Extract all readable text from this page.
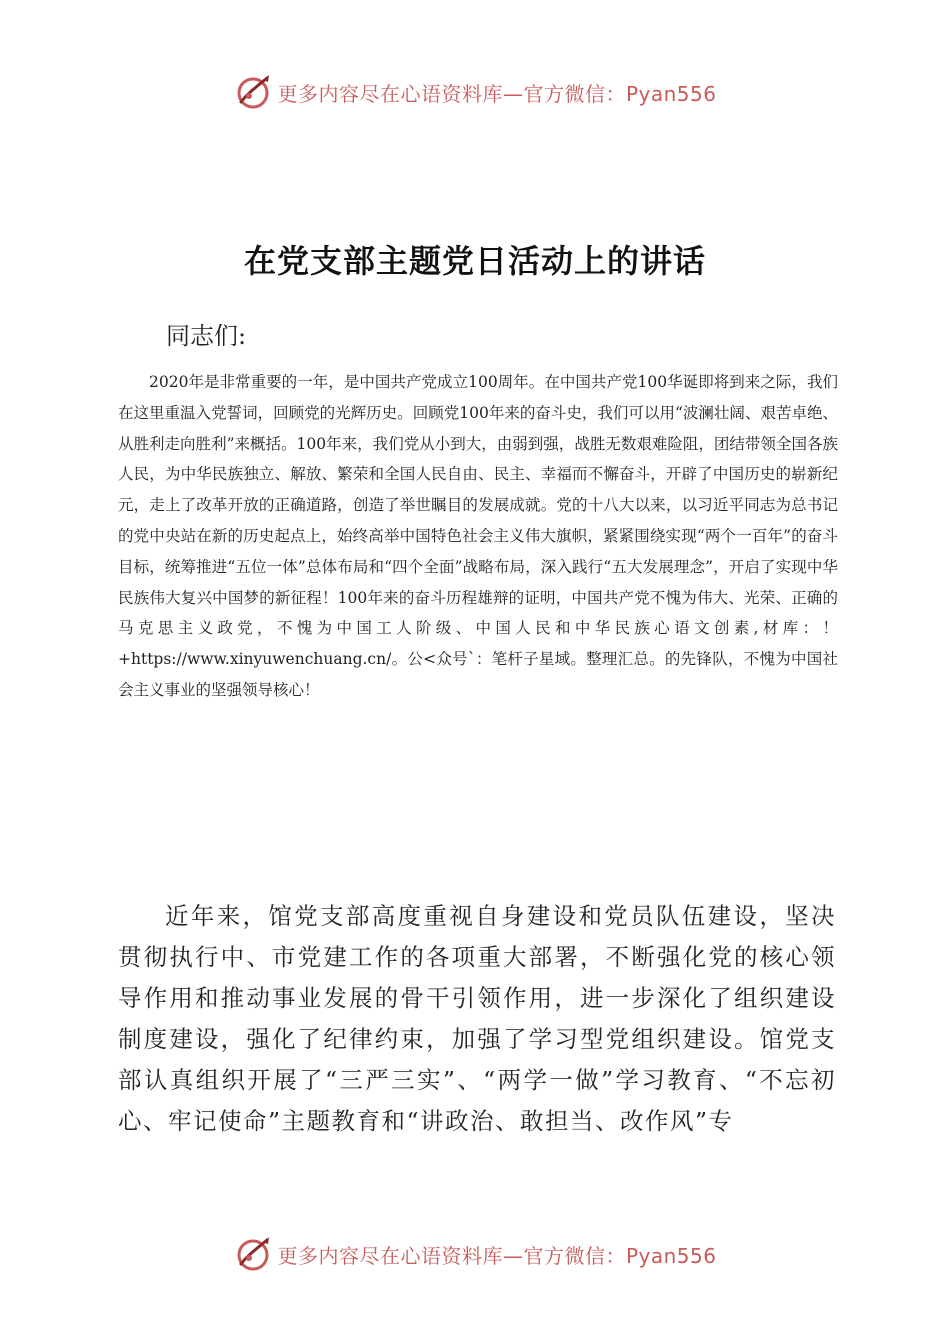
更多内容尽在心语资料库—官方微信：Pyan556
在党支部主题党日活动上的讲话

同志们:

2020年是非常重要的一年，是中国共产党成立100周年。在中国共产党100华诞即将到来之际，我们在这里重温入党誓词，回顾党的光辉历史。回顾党100年来的奋斗史，我们可以用“波澜壮阔、艰苦卓绝、从胜利走向胜利”来概括。100年来，我们党从小到大，由弱到强，战胜无数艰难险阻，团结带领全国各族人民，为中华民族独立、解放、繁荣和全国人民自由、民主、幸福而不懈奋斗，开辟了中国历史的崭新纪元，走上了改革开放的正确道路，创造了举世瞩目的发展成就。党的十八大以来，以习近平同志为总书记的党中央站在新的历史起点上，始终高举中国特色社会主义伟大旗帜，紧紧围绕实现“两个一百年”的奋斗目标，统筹推进“五位一体”总体布局和“四个全面”战略布局，深入践行“五大发展理念”，开启了实现中华民族伟大复兴中国梦的新征程！100年来的奋斗历程雄辩的证明，中国共产党不愧为伟大、光荣、正确的马克思主义政党，不愧为中国工人阶级、中国人民和中华民族心语文创素,材库：！+https://www.xinyuwenchuang.cn/。公<众号`：笔杆子星域。整理汇总。的先锋队，不愧为中国社会主义事业的坚强领导核心！

近年来，馆党支部高度重视自身建设和党员队伍建设，坚决贯彻执行中、市党建工作的各项重大部署，不断强化党的核心领导作用和推动事业发展的骨干引领作用，进一步深化了组织建设制度建设，强化了纪律约束，加强了学习型党组织建设。馆党支部认真组织开展了“三严三实”、“两学一做”学习教育、“不忘初心、牢记使命”主题教育和“讲政治、敢担当、改作风”专

更多内容尽在心语资料库—官方微信：Pyan556
